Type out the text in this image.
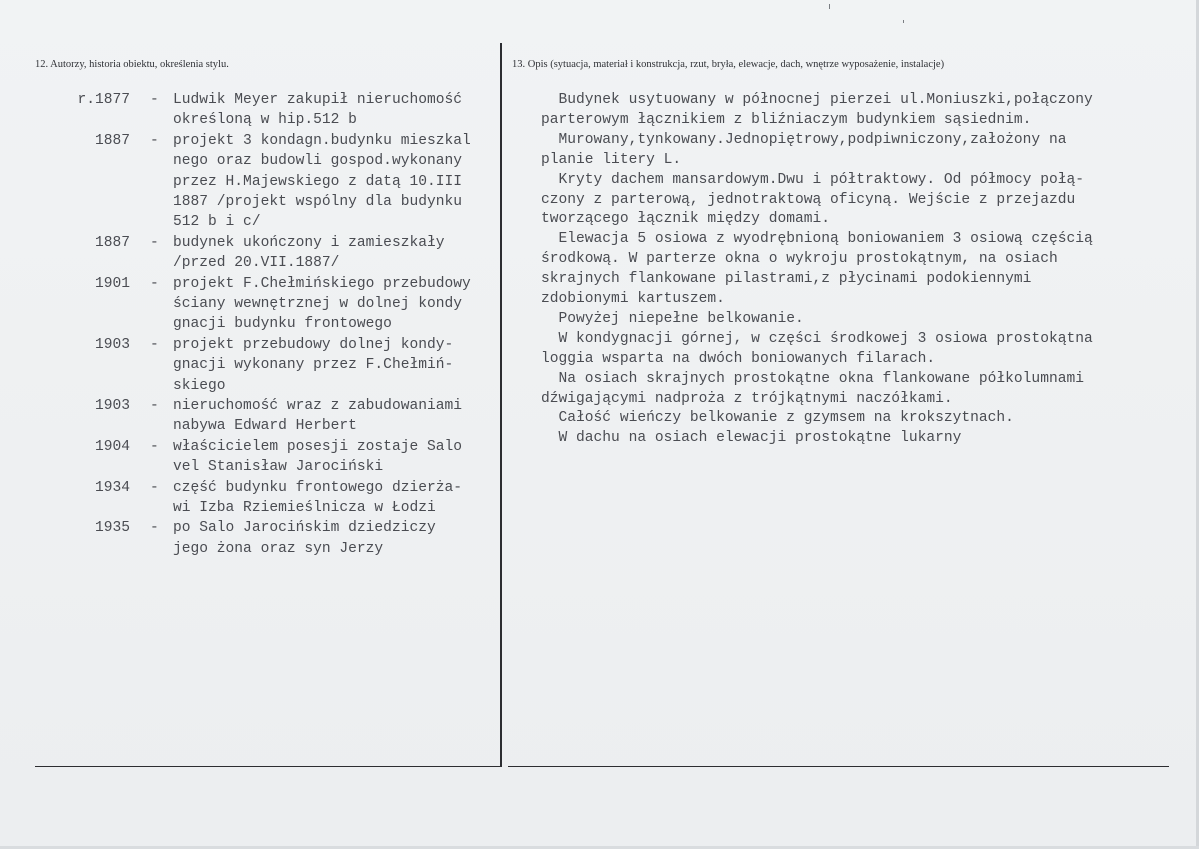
12. Autorzy, historia obiektu, określenia stylu.	13. Opis (sytuacja, materiał i konstrukcja, rzut, bryła, elewacje, dach, wnętrze wyposażenie, instalacje)
r.1877 - Ludwik Meyer zakupił nieruchomość
określoną w hip.512 b
1887 - projekt 3 kondagn.budynku mieszkal
nego oraz budowli gospod.wykonany
przez H.Majewskiego z datą 10.III
1887 /projekt wspólny dla budynku
512 b i c/
1887 - budynek ukończony i zamieszkały
/przed 20.VII.1887/
1901 - projekt F.Chełmińskiego przebudowy
ściany wewnętrznej w dolnej kondy
gnacji budynku frontowego
1903 - projekt przebudowy dolnej kondy-
gnacji wykonany przez F.Chełmiń-
skiego
1903 - nieruchomość wraz z zabudowaniami
nabywa Edward Herbert
1904 - właścicielem posesji zostaje Salo
vel Stanisław Jarociński
1934 - część budynku frontowego dzierża-
wi Izba Rziemieślnicza w Łodzi
1935 - po Salo Jarocińskim dziedziczy
jego żona oraz syn Jerzy
Budynek usytuowany w północnej pierzei ul.Moniuszki,połączony
parterowym łącznikiem z bliźniaczym budynkiem sąsiednim.
Murowany,tynkowany.Jednopiętrowy,podpiwniczony,założony na
planie litery L.
Kryty dachem mansardowym.Dwu i półtraktowy. Od półmocy połą-
czony z parterową, jednotraktową oficyną. Wejście z przejazdu
tworzącego łącznik między domami.
Elewacja 5 osiowa z wyodrębnioną boniowaniem 3 osiową częścią
środkową. W parterze okna o wykroju prostokątnym, na osiach
skrajnych flankowane pilastrami,z płycinami podokiennymi
zdobionymi kartuszem.
Powyżej niepełne belkowanie.
W kondygnacji górnej, w części środkowej 3 osiowa prostokątna
loggia wsparta na dwóch boniowanych filarach.
Na osiach skrajnych prostokątne okna flankowane półkolumnami
dźwigającymi nadproża z trójkątnymi naczółkami.
Całość wieńczy belkowanie z gzymsem na krokszytnach.
W dachu na osiach elewacji prostokątne lukarny
